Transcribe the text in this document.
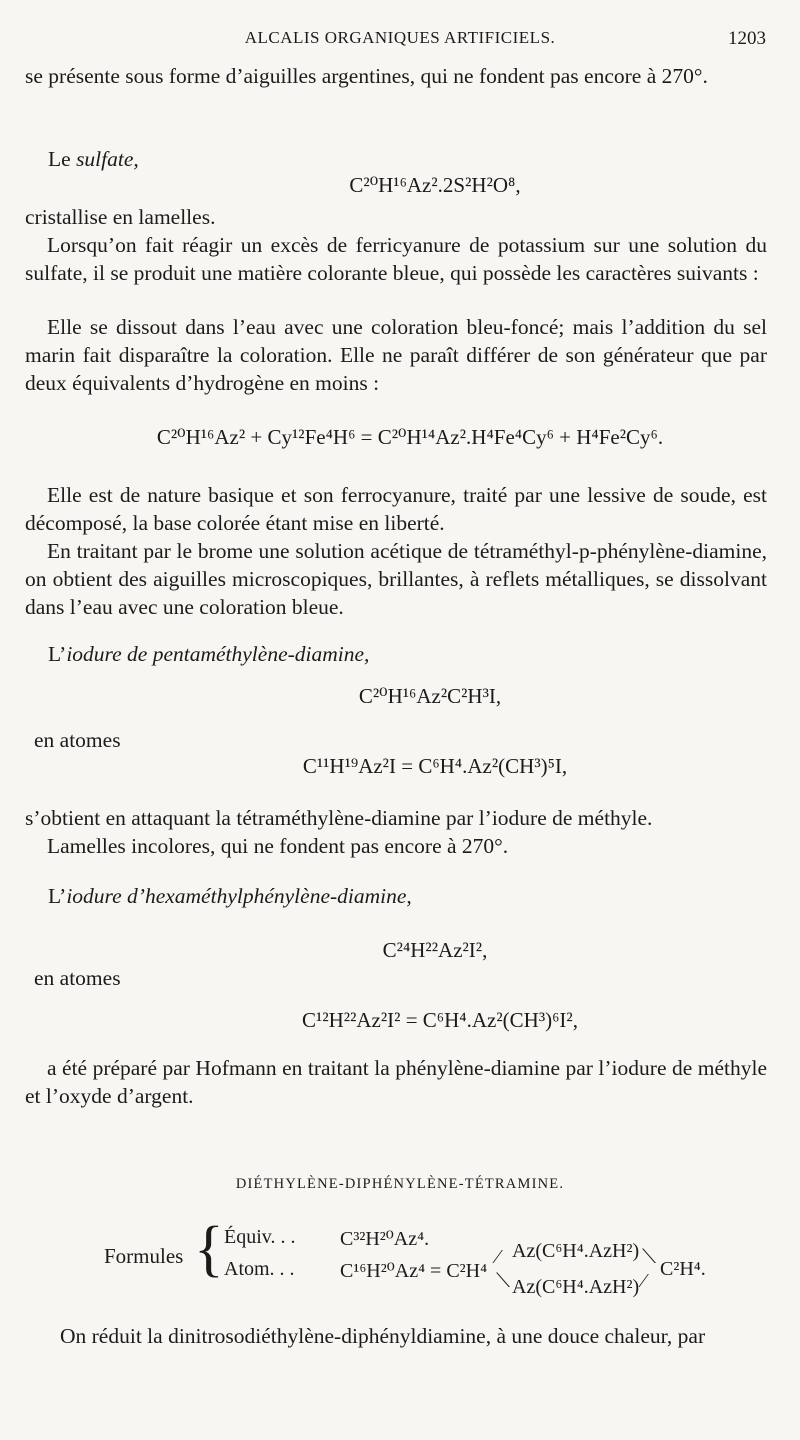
ALCALIS ORGANIQUES ARTIFICIELS.	1203
se présente sous forme d’aiguilles argentines, qui ne fondent pas encore à 270°.
Le sulfate,
C²⁰H¹⁶Az².2S²H²O⁸,
cristallise en lamelles.
Lorsqu’on fait réagir un excès de ferricyanure de potassium sur une solution du sulfate, il se produit une matière colorante bleue, qui possède les caractères suivants :
Elle se dissout dans l’eau avec une coloration bleu-foncé; mais l’addition du sel marin fait disparaître la coloration. Elle ne paraît différer de son générateur que par deux équivalents d’hydrogène en moins :
C²⁰H¹⁶Az² + Cy¹²Fe⁴H⁶ = C²⁰H¹⁴Az².H⁴Fe⁴Cy⁶ + H⁴Fe²Cy⁶.
Elle est de nature basique et son ferrocyanure, traité par une lessive de soude, est décomposé, la base colorée étant mise en liberté.
En traitant par le brome une solution acétique de tétraméthyl-p-phénylène-diamine, on obtient des aiguilles microscopiques, brillantes, à reflets métalliques, se dissolvant dans l’eau avec une coloration bleue.
L’iodure de pentaméthylène-diamine,
C²⁰H¹⁶Az²C²H³I,
en atomes
C¹¹H¹⁹Az²I = C⁶H⁴.Az²(CH³)⁵I,
s’obtient en attaquant la tétraméthylène-diamine par l’iodure de méthyle.
Lamelles incolores, qui ne fondent pas encore à 270°.
L’iodure d’hexaméthylphénylène-diamine,
C²⁴H²²Az²I²,
en atomes
C¹²H²²Az²I² = C⁶H⁴.Az²(CH³)⁶I²,
a été préparé par Hofmann en traitant la phénylène-diamine par l’iodure de méthyle et l’oxyde d’argent.
DIÉTHYLÈNE-DIPHÉNYLÈNE-TÉTRAMINE.
Formules { Équiv. . . C³²H²⁰Az⁴.
Atom. . . C¹⁶H²⁰Az⁴ = C²H⁴
⁄
⟍
Az(C⁶H⁴.AzH²)
Az(C⁶H⁴.AzH²)
⟍
⁄
C²H⁴.
On réduit la dinitrosodiéthylène-diphényldiamine, à une douce chaleur, par
